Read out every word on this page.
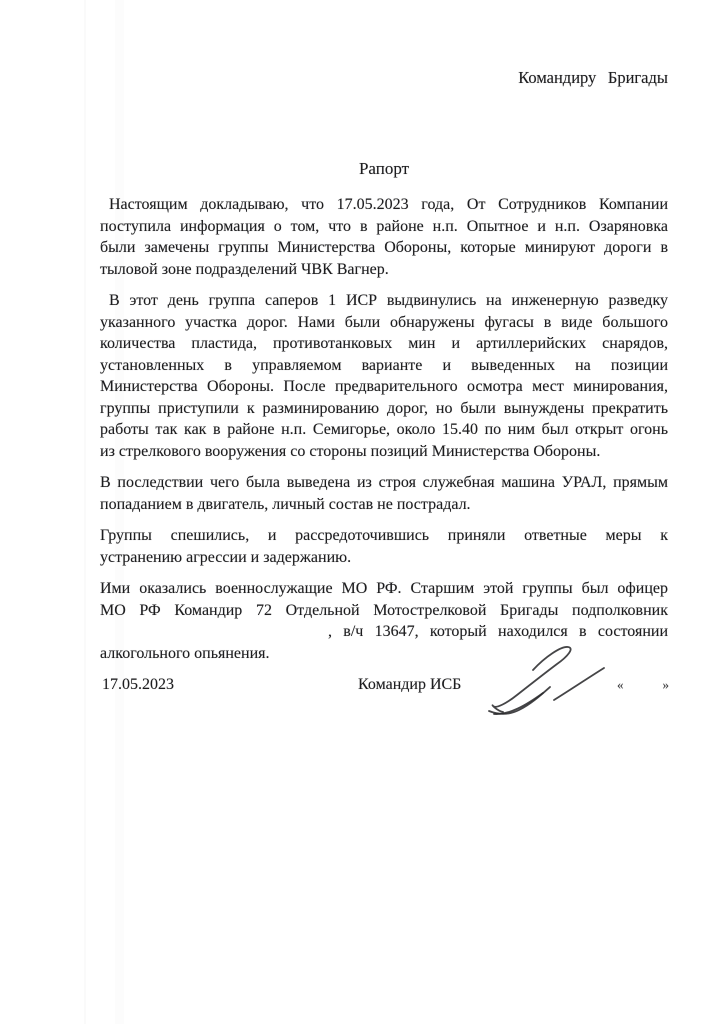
Командиру Бригады
Рапорт
Настоящим докладываю, что 17.05.2023 года, От Сотрудников Компании
поступила информация о том, что в районе н.п. Опытное и н.п. Озаряновка
были замечены группы Министерства Обороны, которые минируют дороги в
тыловой зоне подразделений ЧВК Вагнер.
В этот день группа саперов 1 ИСР выдвинулись на инженерную разведку
указанного участка дорог. Нами были обнаружены фугасы в виде большого
количества пластида, противотанковых мин и артиллерийских снарядов,
установленных в управляемом варианте и выведенных на позиции
Министерства Обороны. После предварительного осмотра мест минирования,
группы приступили к разминированию дорог, но были вынуждены прекратить
работы так как в районе н.п. Семигорье, около 15.40 по ним был открыт огонь
из стрелкового вооружения со стороны позиций Министерства Обороны.
В последствии чего была выведена из строя служебная машина УРАЛ, прямым
попаданием в двигатель, личный состав не пострадал.
Группы спешились, и рассредоточившись приняли ответные меры к
устранению агрессии и задержанию.
Ими оказались военнослужащие МО РФ. Старшим этой группы был офицер
МО РФ Командир 72 Отдельной Мотострелковой Бригады подполковник
, в/ч 13647, который находился в состоянии
алкогольного опьянения.
17.05.2023	Командир ИСБ	«	»
